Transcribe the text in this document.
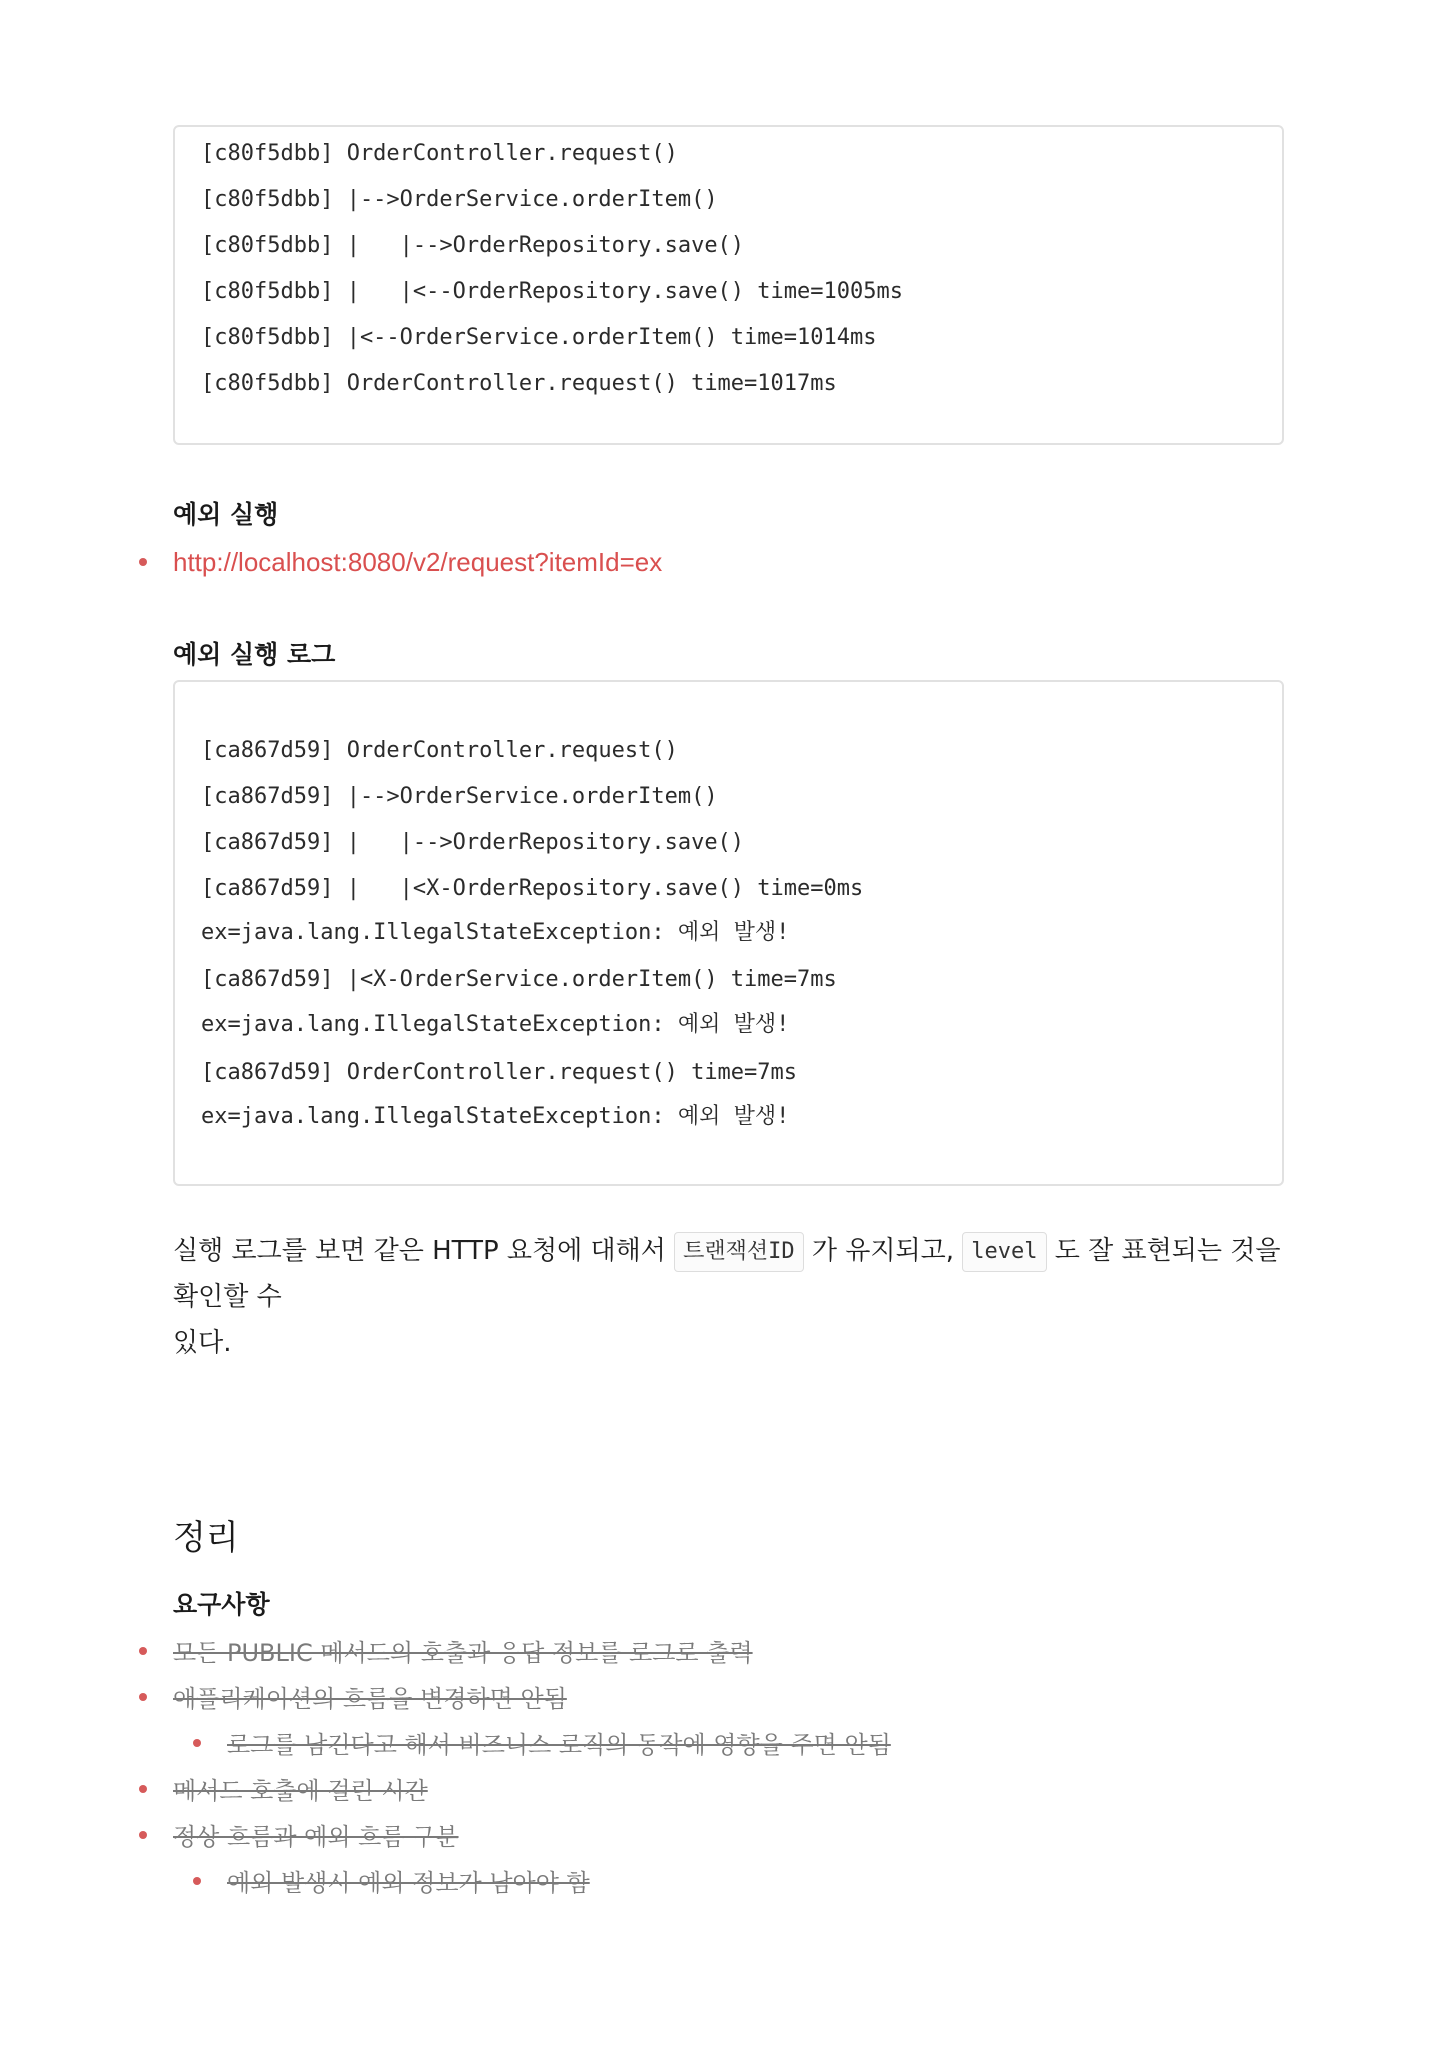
[c80f5dbb] OrderController.request()
[c80f5dbb] |-->OrderService.orderItem()
[c80f5dbb] |   |-->OrderRepository.save()
[c80f5dbb] |   |<--OrderRepository.save() time=1005ms
[c80f5dbb] |<--OrderService.orderItem() time=1014ms
[c80f5dbb] OrderController.request() time=1017ms
예외 실행
http://localhost:8080/v2/request?itemId=ex
예외 실행 로그
[ca867d59] OrderController.request()
[ca867d59] |-->OrderService.orderItem()
[ca867d59] |   |-->OrderRepository.save()
[ca867d59] |   |<X-OrderRepository.save() time=0ms
ex=java.lang.IllegalStateException: 예외 발생!
[ca867d59] |<X-OrderService.orderItem() time=7ms
ex=java.lang.IllegalStateException: 예외 발생!
[ca867d59] OrderController.request() time=7ms
ex=java.lang.IllegalStateException: 예외 발생!
실행 로그를 보면 같은 HTTP 요청에 대해서 트랜잭션ID 가 유지되고, level 도 잘 표현되는 것을 확인할 수
있다.
정리
요구사항
모든 PUBLIC 메서드의 호출과 응답 정보를 로그로 출력
애플리케이션의 흐름을 변경하면 안됨
로그를 남긴다고 해서 비즈니스 로직의 동작에 영향을 주면 안됨
메서드 호출에 걸린 시간
정상 흐름과 예외 흐름 구분
예외 발생시 예외 정보가 남아야 함
